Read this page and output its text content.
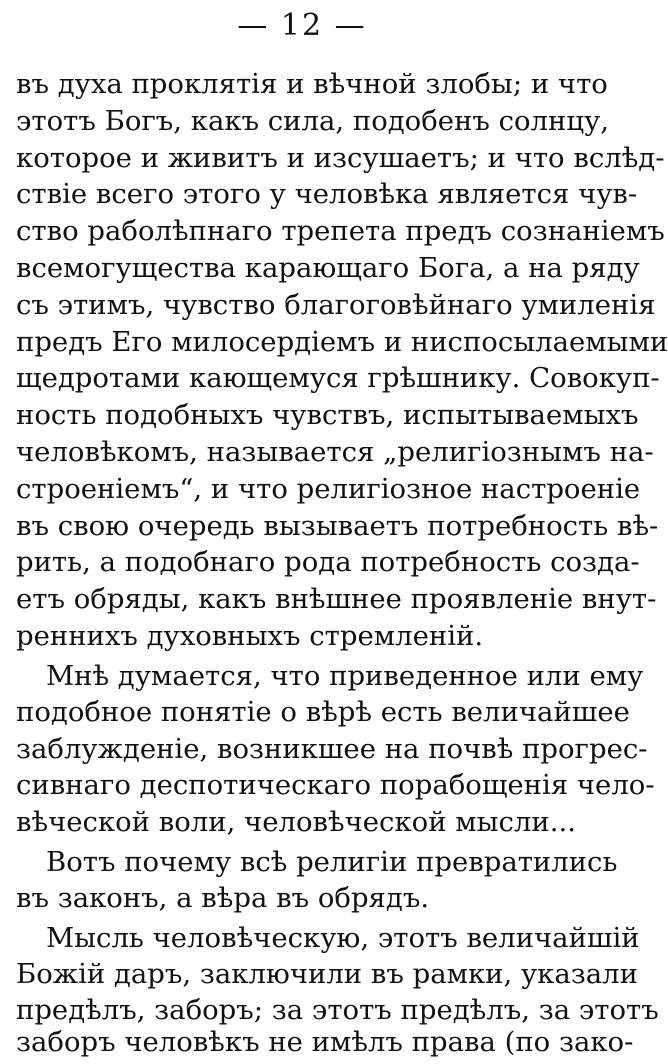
— 12 —
въ духа проклятія и вѣчной злобы; и что
этотъ Богъ, какъ сила, подобенъ солнцу,
которое и живитъ и изсушаетъ; и что вслѣд-
ствіе всего этого у человѣка является чув-
ство раболѣпнаго трепета предъ сознаніемъ
всемогущества карающаго Бога, а на ряду
съ этимъ, чувство благоговѣйнаго умиленія
предъ Его милосердіемъ и ниспосылаемыми
щедротами кающемуся грѣшнику. Совокуп-
ность подобныхъ чувствъ, испытываемыхъ
человѣкомъ, называется „религіознымъ на-
строеніемъ“, и что религіозное настроеніе
въ свою очередь вызываетъ потребность вѣ-
рить, а подобнаго рода потребность созда-
етъ обряды, какъ внѣшнее проявленіе внут-
реннихъ духовныхъ стремленій.
Мнѣ думается, что приведенное или ему
подобное понятіе о вѣрѣ есть величайшее
заблужденіе, возникшее на почвѣ прогрес-
сивнаго деспотическаго порабощенія чело-
вѣческой воли, человѣческой мысли...
Вотъ почему всѣ религіи превратились
въ законъ, а вѣра въ обрядъ.
Мысль человѣческую, этотъ величайшій
Божій даръ, заключили въ рамки, указали
предѣлъ, заборъ; за этотъ предѣлъ, за этотъ
заборъ человѣкъ не имѣлъ права (по зако-
